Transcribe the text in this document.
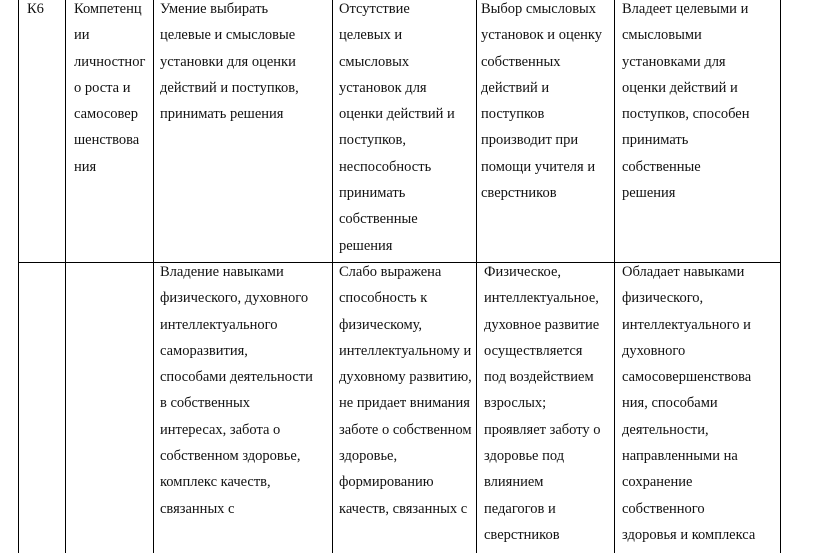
К6 Компетенц
ии
личностног
о роста и
самосовер
шенствова
ния
Умение выбирать
целевые и смысловые
установки для оценки
действий и поступков,
принимать решения
Отсутствие
целевых и
смысловых
установок для
оценки действий и
поступков,
неспособность
принимать
собственные
решения
Выбор смысловых
установок и оценку
собственных
действий и
поступков
производит при
помощи учителя и
сверстников
Владеет целевыми и
смысловыми
установками для
оценки действий и
поступков, способен
принимать
собственные
решения
Владение навыками
физического, духовного
интеллектуального
саморазвития,
способами деятельности
в собственных
интересах, забота о
собственном здоровье,
комплекс качеств,
связанных с
Слабо выражена
способность к
физическому,
интеллектуальному и
духовному развитию,
не придает внимания
заботе о собственном
здоровье,
формированию
качеств, связанных с
Физическое,
интеллектуальное,
духовное развитие
осуществляется
под воздействием
взрослых;
проявляет заботу о
здоровье под
влиянием
педагогов и
сверстников
Обладает навыками
физического,
интеллектуального и
духовного
самосовершенствова
ния, способами
деятельности,
направленными на
сохранение
собственного
здоровья и комплекса
